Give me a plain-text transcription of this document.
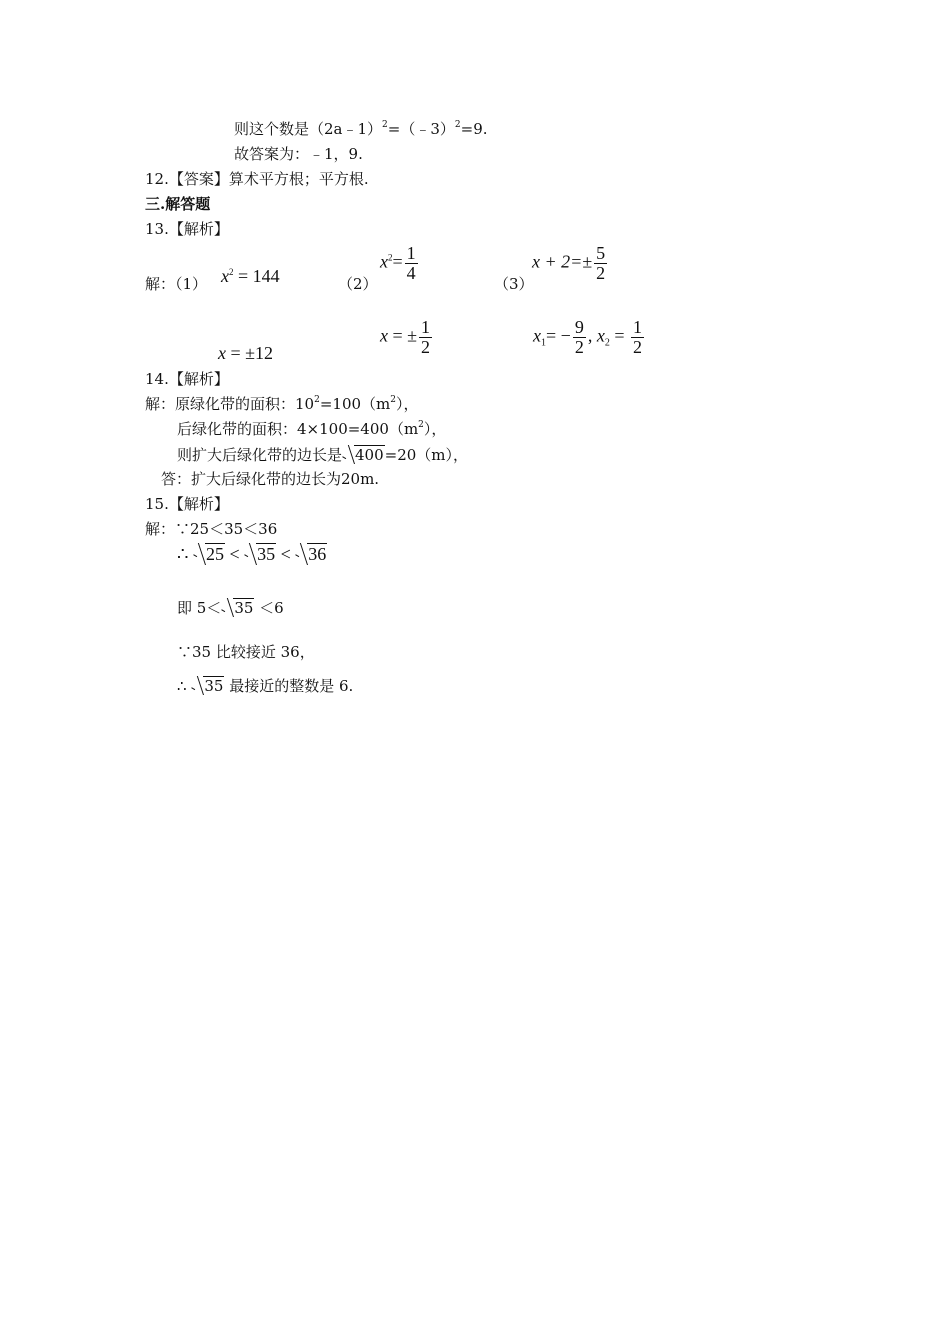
则这个数是（2a﹣1）$^2$=（﹣3）$^2$=9.
故答案为：﹣1，9.
12.【答案】算术平方根；平方根.
三.解答题
13.【解析】
解：（1） $x^2 = 144$	（2）
$x^2= \frac{1}{4}$
（3）
$x + 2=\pm \frac{5}{2}$
x = ±12
x = ± $\frac{1}{2}$	$x_1= - \frac{9}{2}$ , $x_2 = \frac{1}{2}$
14.【解析】
解：原绿化带的面积：$10^2=100(m^2)$，
后绿化带的面积：$4\times 100=400(m^2)$，
则扩大后绿化带的边长是 400=20（m），
答：扩大后绿化带的边长为20m.
15.【解析】
解：∵25＜35＜36
∴ 25 <
35 <
36
即 5＜ 35 ＜6
∵35 比较接近 36，
∴ 35 最接近的整数是 6.
